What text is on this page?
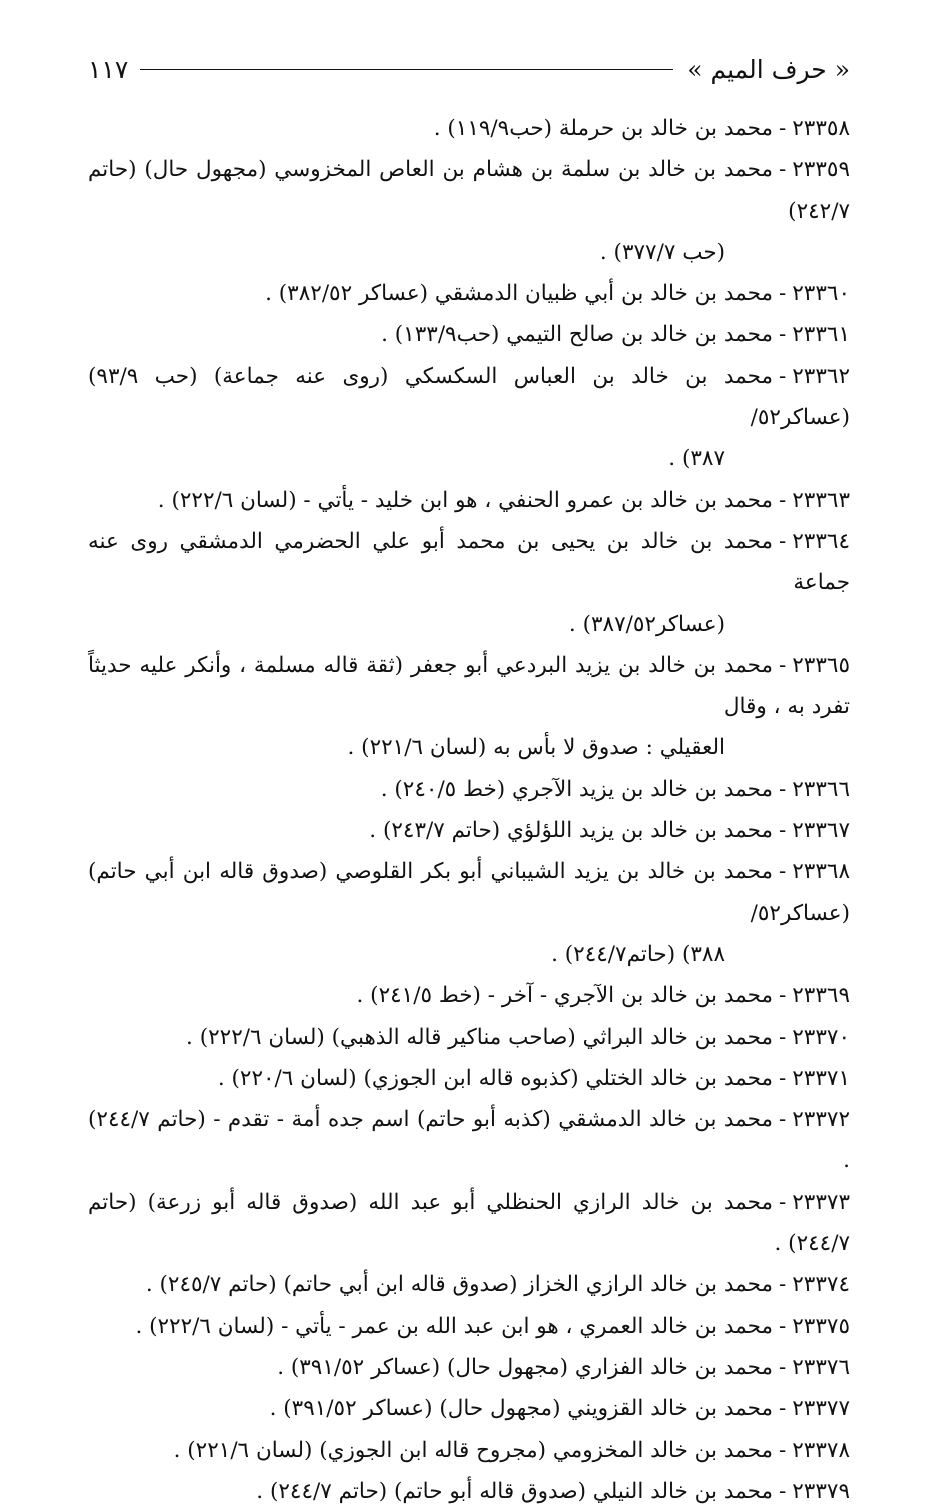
« حرف الميم »
١١٧
٢٣٣٥٨-محمد بن خالد بن حرملة (حب١١٩/٩) .
٢٣٣٥٩-محمد بن خالد بن سلمة بن هشام بن العاص المخزوسي (مجهول حال) (حاتم ٢٤٢/٧)
(حب ٣٧٧/٧) .
٢٣٣٦٠-محمد بن خالد بن أبي ظبيان الدمشقي (عساكر ٣٨٢/٥٢) .
٢٣٣٦١-محمد بن خالد بن صالح التيمي (حب١٣٣/٩) .
٢٣٣٦٢-محمد بن خالد بن العباس السكسكي (روى عنه جماعة) (حب ٩٣/٩) (عساكر٥٢/
٣٨٧) .
٢٣٣٦٣-محمد بن خالد بن عمرو الحنفي ، هو ابن خليد - يأتي - (لسان ٢٢٢/٦) .
٢٣٣٦٤-محمد بن خالد بن يحيى بن محمد أبو علي الحضرمي الدمشقي روى عنه جماعة
(عساكر٣٨٧/٥٢) .
٢٣٣٦٥-محمد بن خالد بن يزيد البردعي أبو جعفر (ثقة قاله مسلمة ، وأنكر عليه حديثاً تفرد به ، وقال
العقيلي : صدوق لا بأس به (لسان ٢٢١/٦) .
٢٣٣٦٦-محمد بن خالد بن يزيد الآجري (خط ٢٤٠/٥) .
٢٣٣٦٧-محمد بن خالد بن يزيد اللؤلؤي (حاتم ٢٤٣/٧) .
٢٣٣٦٨-محمد بن خالد بن يزيد الشيباني أبو بكر القلوصي (صدوق قاله ابن أبي حاتم) (عساكر٥٢/
٣٨٨) (حاتم٢٤٤/٧) .
٢٣٣٦٩-محمد بن خالد بن الآجري - آخر - (خط ٢٤١/٥) .
٢٣٣٧٠-محمد بن خالد البراثي (صاحب مناكير قاله الذهبي) (لسان ٢٢٢/٦) .
٢٣٣٧١-محمد بن خالد الختلي (كذبوه قاله ابن الجوزي) (لسان ٢٢٠/٦) .
٢٣٣٧٢-محمد بن خالد الدمشقي (كذبه أبو حاتم) اسم جده أمة - تقدم - (حاتم ٢٤٤/٧) .
٢٣٣٧٣-محمد بن خالد الرازي الحنظلي أبو عبد الله (صدوق قاله أبو زرعة) (حاتم ٢٤٤/٧) .
٢٣٣٧٤-محمد بن خالد الرازي الخزاز (صدوق قاله ابن أبي حاتم) (حاتم ٢٤٥/٧) .
٢٣٣٧٥-محمد بن خالد العمري ، هو ابن عبد الله بن عمر - يأتي - (لسان ٢٢٢/٦) .
٢٣٣٧٦-محمد بن خالد الفزاري (مجهول حال) (عساكر ٣٩١/٥٢) .
٢٣٣٧٧-محمد بن خالد القزويني (مجهول حال) (عساكر ٣٩١/٥٢) .
٢٣٣٧٨-محمد بن خالد المخزومي (مجروح قاله ابن الجوزي) (لسان ٢٢١/٦) .
٢٣٣٧٩-محمد بن خالد النيلي (صدوق قاله أبو حاتم) (حاتم ٢٤٤/٧) .
